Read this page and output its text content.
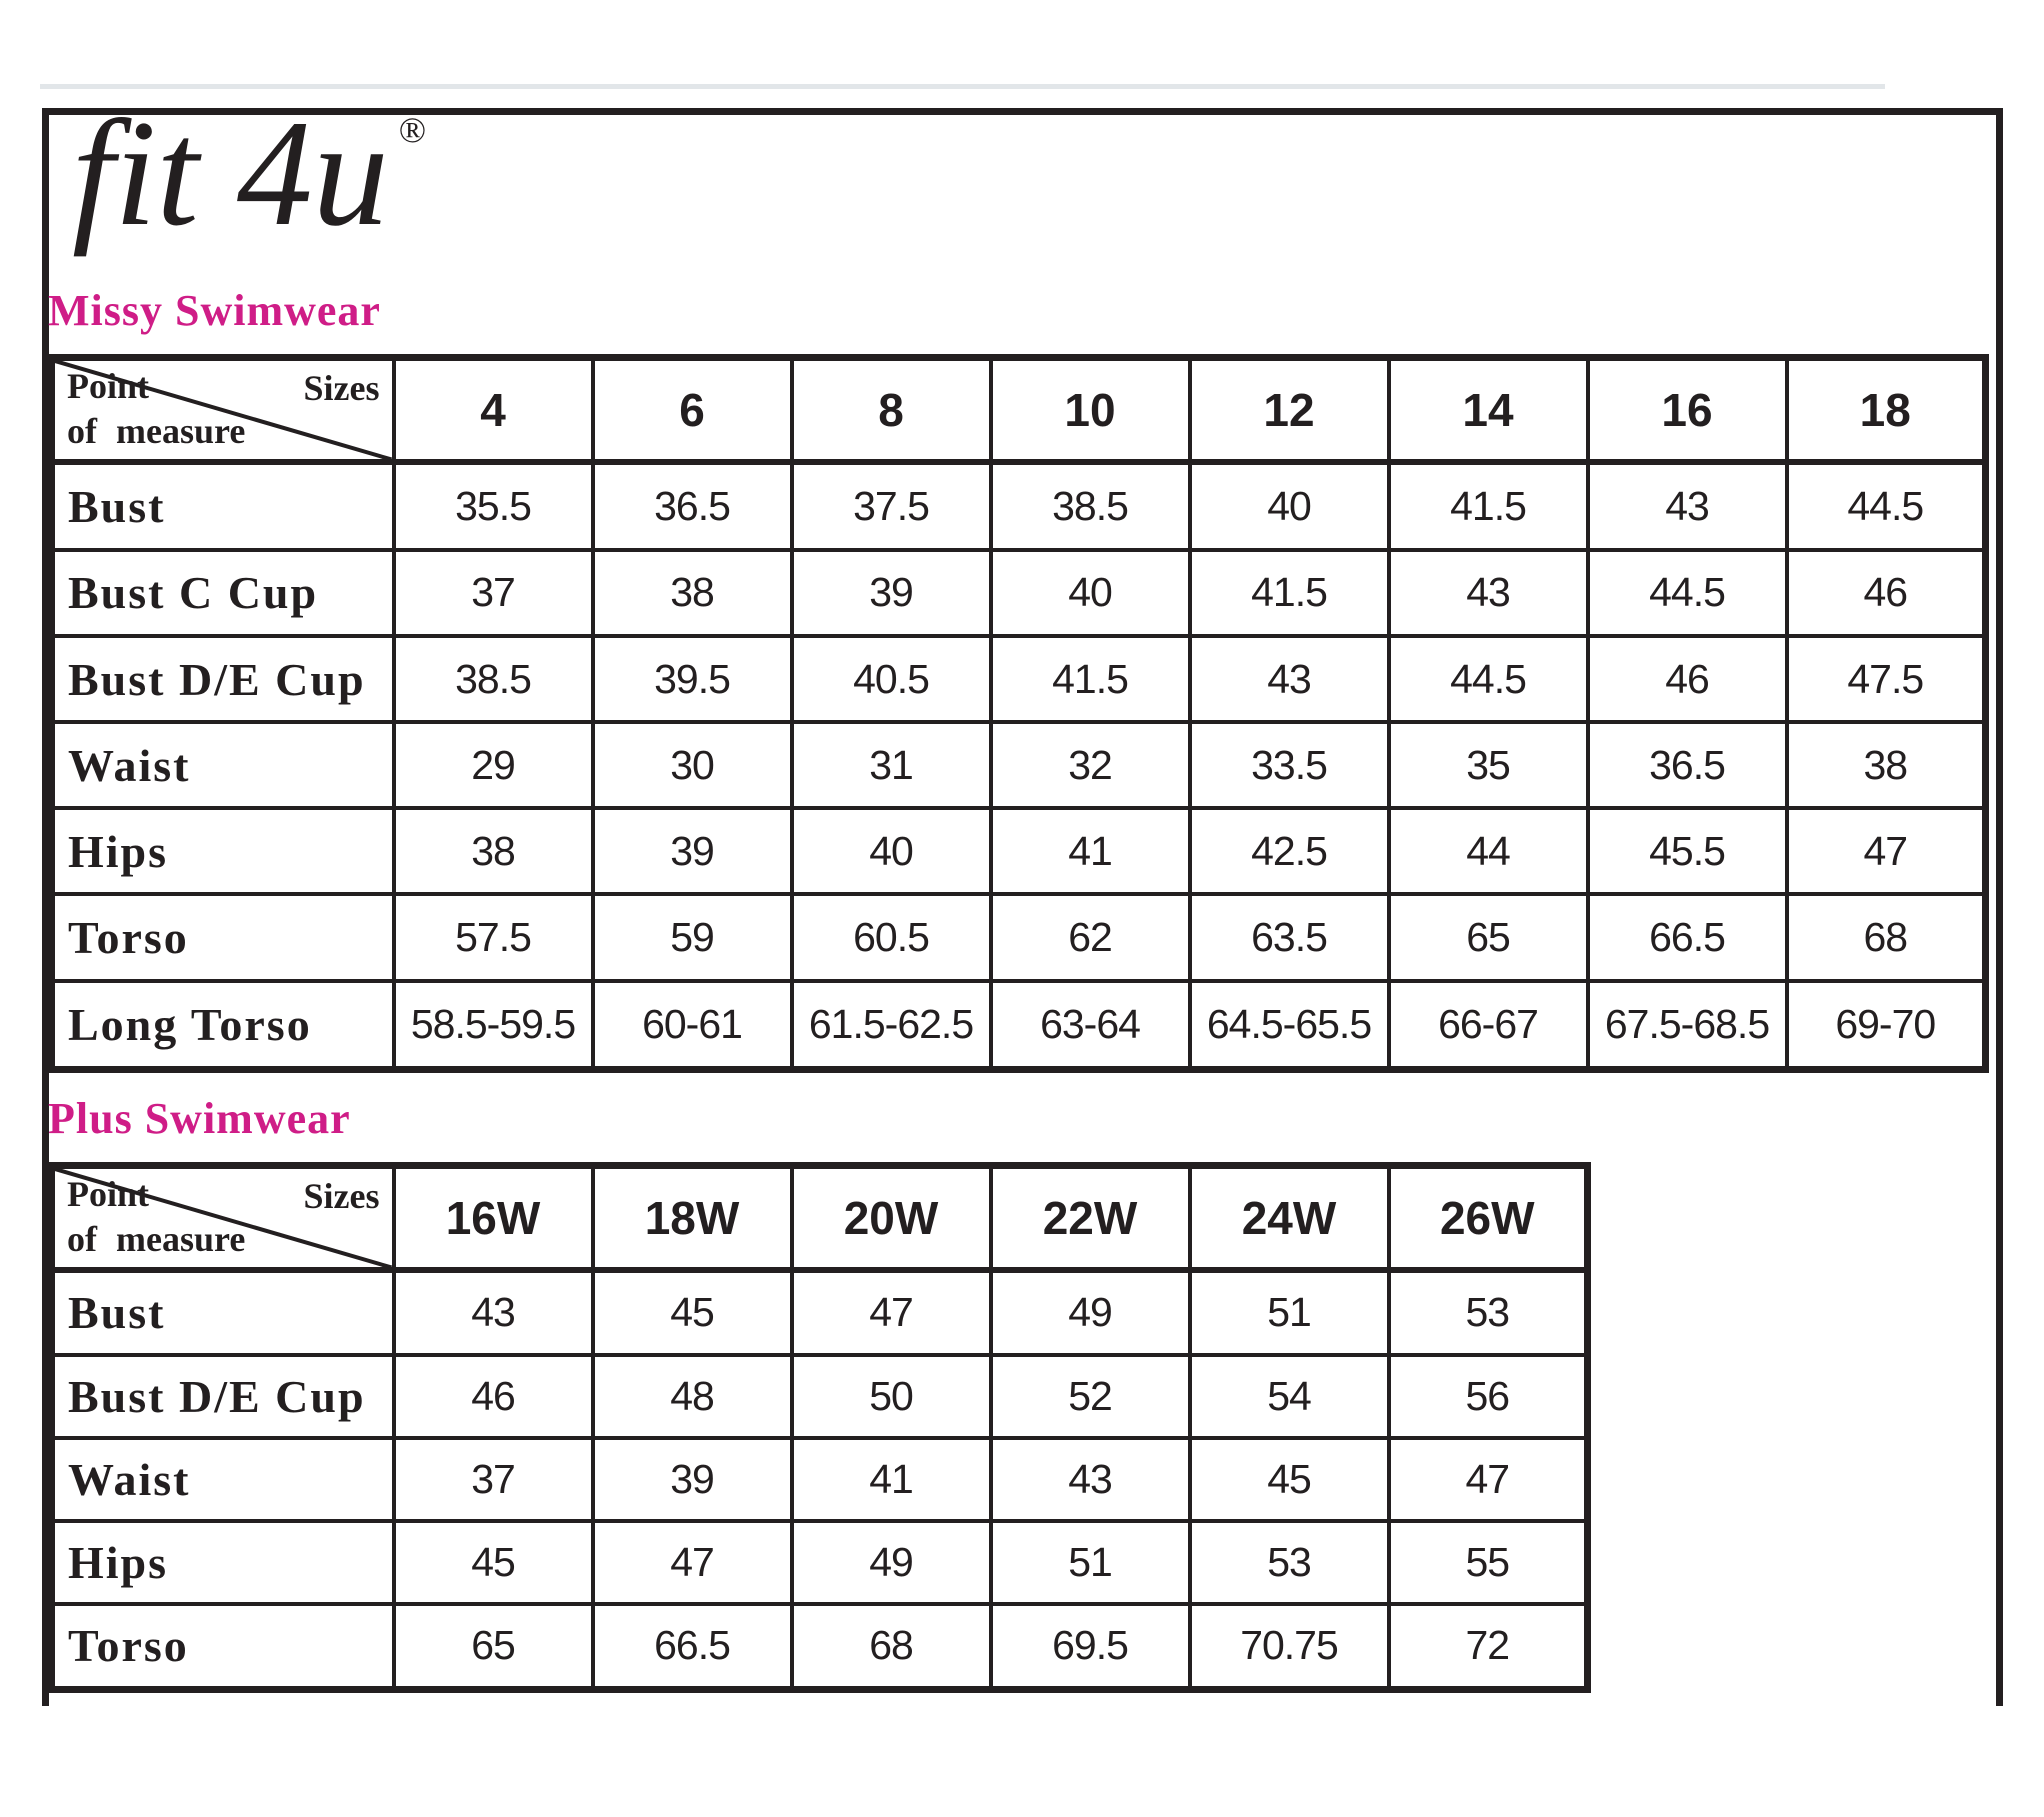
fit 4u ®
Missy Swimwear
Sizes
Point
of measure	4	6	8	10	12	14	16	18
Bust	35.5	36.5	37.5	38.5	40	41.5	43	44.5
Bust C Cup	37	38	39	40	41.5	43	44.5	46
Bust D/E Cup	38.5	39.5	40.5	41.5	43	44.5	46	47.5
Waist	29	30	31	32	33.5	35	36.5	38
Hips	38	39	40	41	42.5	44	45.5	47
Torso	57.5	59	60.5	62	63.5	65	66.5	68
Long Torso	58.5-59.5	60-61	61.5-62.5	63-64	64.5-65.5	66-67	67.5-68.5	69-70
Plus Swimwear
Sizes
Point
of measure	16W	18W	20W	22W	24W	26W
Bust	43	45	47	49	51	53
Bust D/E Cup	46	48	50	52	54	56
Waist	37	39	41	43	45	47
Hips	45	47	49	51	53	55
Torso	65	66.5	68	69.5	70.75	72
